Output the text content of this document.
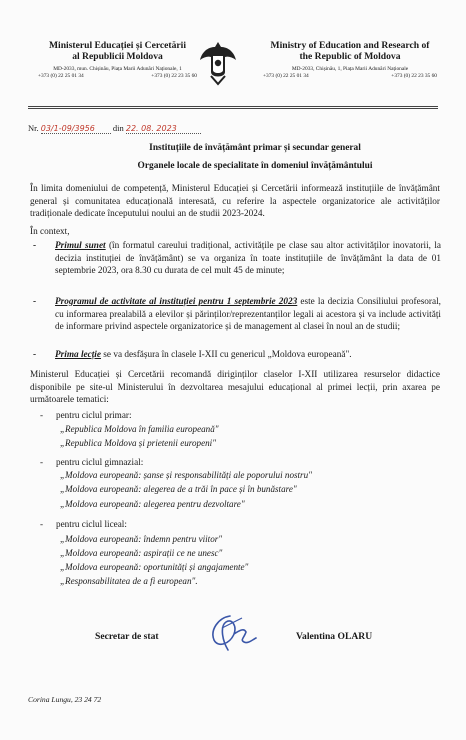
Ministerul Educației și Cercetării
al Republicii Moldova
MD-2033, mun. Chișinău, Piața Marii Adunări Naționale, 1
+373 (0) 22 25 01 34	+373 (0) 22 23 35 60
Ministry of Education and Research of
the Republic of Moldova
MD-2033, Chișinău, 1, Piața Marii Adunări Naționale
+373 (0) 22 25 01 34	+373 (0) 22 23 35 60
Nr. 03/1-09/3956 din 22. 08. 2023
Instituțiile de învățământ primar și secundar general
Organele locale de specialitate în domeniul învățământului
În limita domeniului de competență, Ministerul Educației și Cercetării informează instituțiile de învățământ general și comunitatea educațională interesată, cu referire la aspectele organizatorice ale activităților tradiționale dedicate începutului noului an de studii 2023-2024.
În context,
- Primul sunet (în formatul careului tradițional, activitățile pe clase sau altor activităților inovatorii, la decizia instituției de învățământ) se va organiza în toate instituțiile de învățământ la data de 01 septembrie 2023, ora 8.30 cu durata de cel mult 45 de minute;
- Programul de activitate al instituției pentru 1 septembrie 2023 este la decizia Consiliului profesoral, cu informarea prealabilă a elevilor și părinților/reprezentanților legali ai acestora și va include activități de informare privind aspectele organizatorice și de management al clasei în noul an de studii;
- Prima lecție se va desfășura în clasele I-XII cu genericul „Moldova europeană".
Ministerul Educației și Cercetării recomandă diriginților claselor I-XII utilizarea resurselor didactice disponibile pe site-ul Ministerului în dezvoltarea mesajului educațional al primei lecții, prin axarea pe următoarele tematici:
- pentru ciclul primar:
„Republica Moldova în familia europeană"
„Republica Moldova și prietenii europeni"
- pentru ciclul gimnazial:
„Moldova europeană: șanse și responsabilități ale poporului nostru"
„Moldova europeană: alegerea de a trăi în pace și în bunăstare"
„Moldova europeană: alegerea pentru dezvoltare"
- pentru ciclul liceal:
„Moldova europeană: îndemn pentru viitor"
„Moldova europeană: aspirații ce ne unesc"
„Moldova europeană: oportunități și angajamente"
„Responsabilitatea de a fi european".
Secretar de stat	Valentina OLARU
Corina Lungu, 23 24 72
